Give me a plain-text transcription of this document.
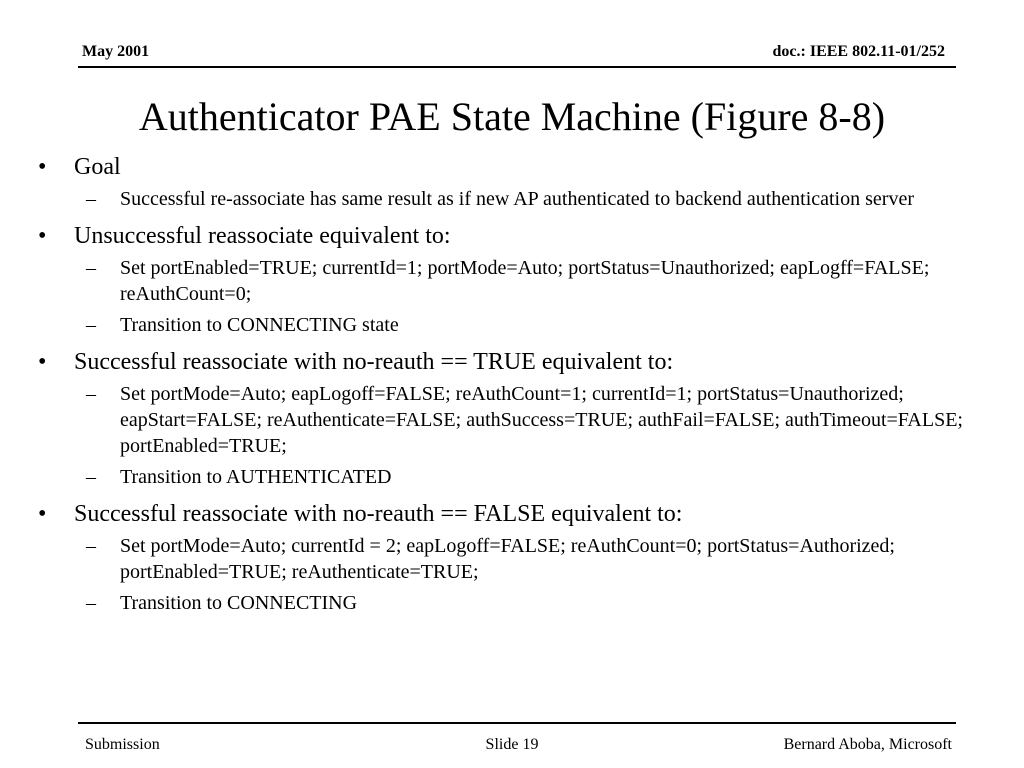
May 2001	doc.: IEEE 802.11-01/252
Authenticator PAE State Machine (Figure 8-8)
• Goal
– Successful re-associate has same result as if new AP authenticated to backend authentication server
• Unsuccessful reassociate equivalent to:
– Set portEnabled=TRUE; currentId=1; portMode=Auto; portStatus=Unauthorized; eapLogff=FALSE; reAuthCount=0;
– Transition to CONNECTING state
• Successful reassociate with no-reauth == TRUE equivalent to:
– Set portMode=Auto; eapLogoff=FALSE; reAuthCount=1; currentId=1; portStatus=Unauthorized; eapStart=FALSE; reAuthenticate=FALSE; authSuccess=TRUE; authFail=FALSE; authTimeout=FALSE; portEnabled=TRUE;
– Transition to AUTHENTICATED
• Successful reassociate with no-reauth == FALSE equivalent to:
– Set portMode=Auto; currentId = 2; eapLogoff=FALSE; reAuthCount=0; portStatus=Authorized; portEnabled=TRUE; reAuthenticate=TRUE;
– Transition to CONNECTING
Submission	Slide 19	Bernard Aboba, Microsoft
